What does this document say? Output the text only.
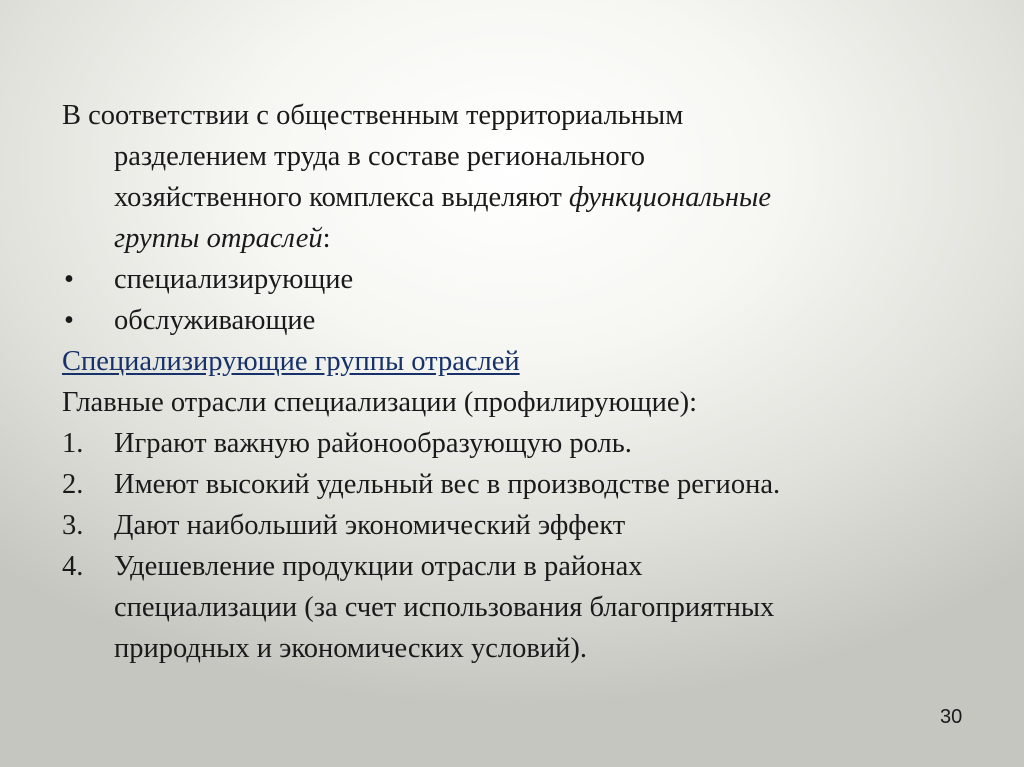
В соответствии с общественным территориальным
разделением труда в составе регионального
хозяйственного комплекса выделяют функциональные
группы отраслей:
•	специализирующие
•	обслуживающие
Специализирующие группы отраслей
Главные отрасли специализации (профилирующие):
1.	Играют важную районообразующую роль.
2.	Имеют высокий удельный вес в производстве региона.
3.	Дают наибольший экономический эффект
4.	Удешевление продукции отрасли в районах
специализации (за счет использования благоприятных
природных и экономических условий).
30
